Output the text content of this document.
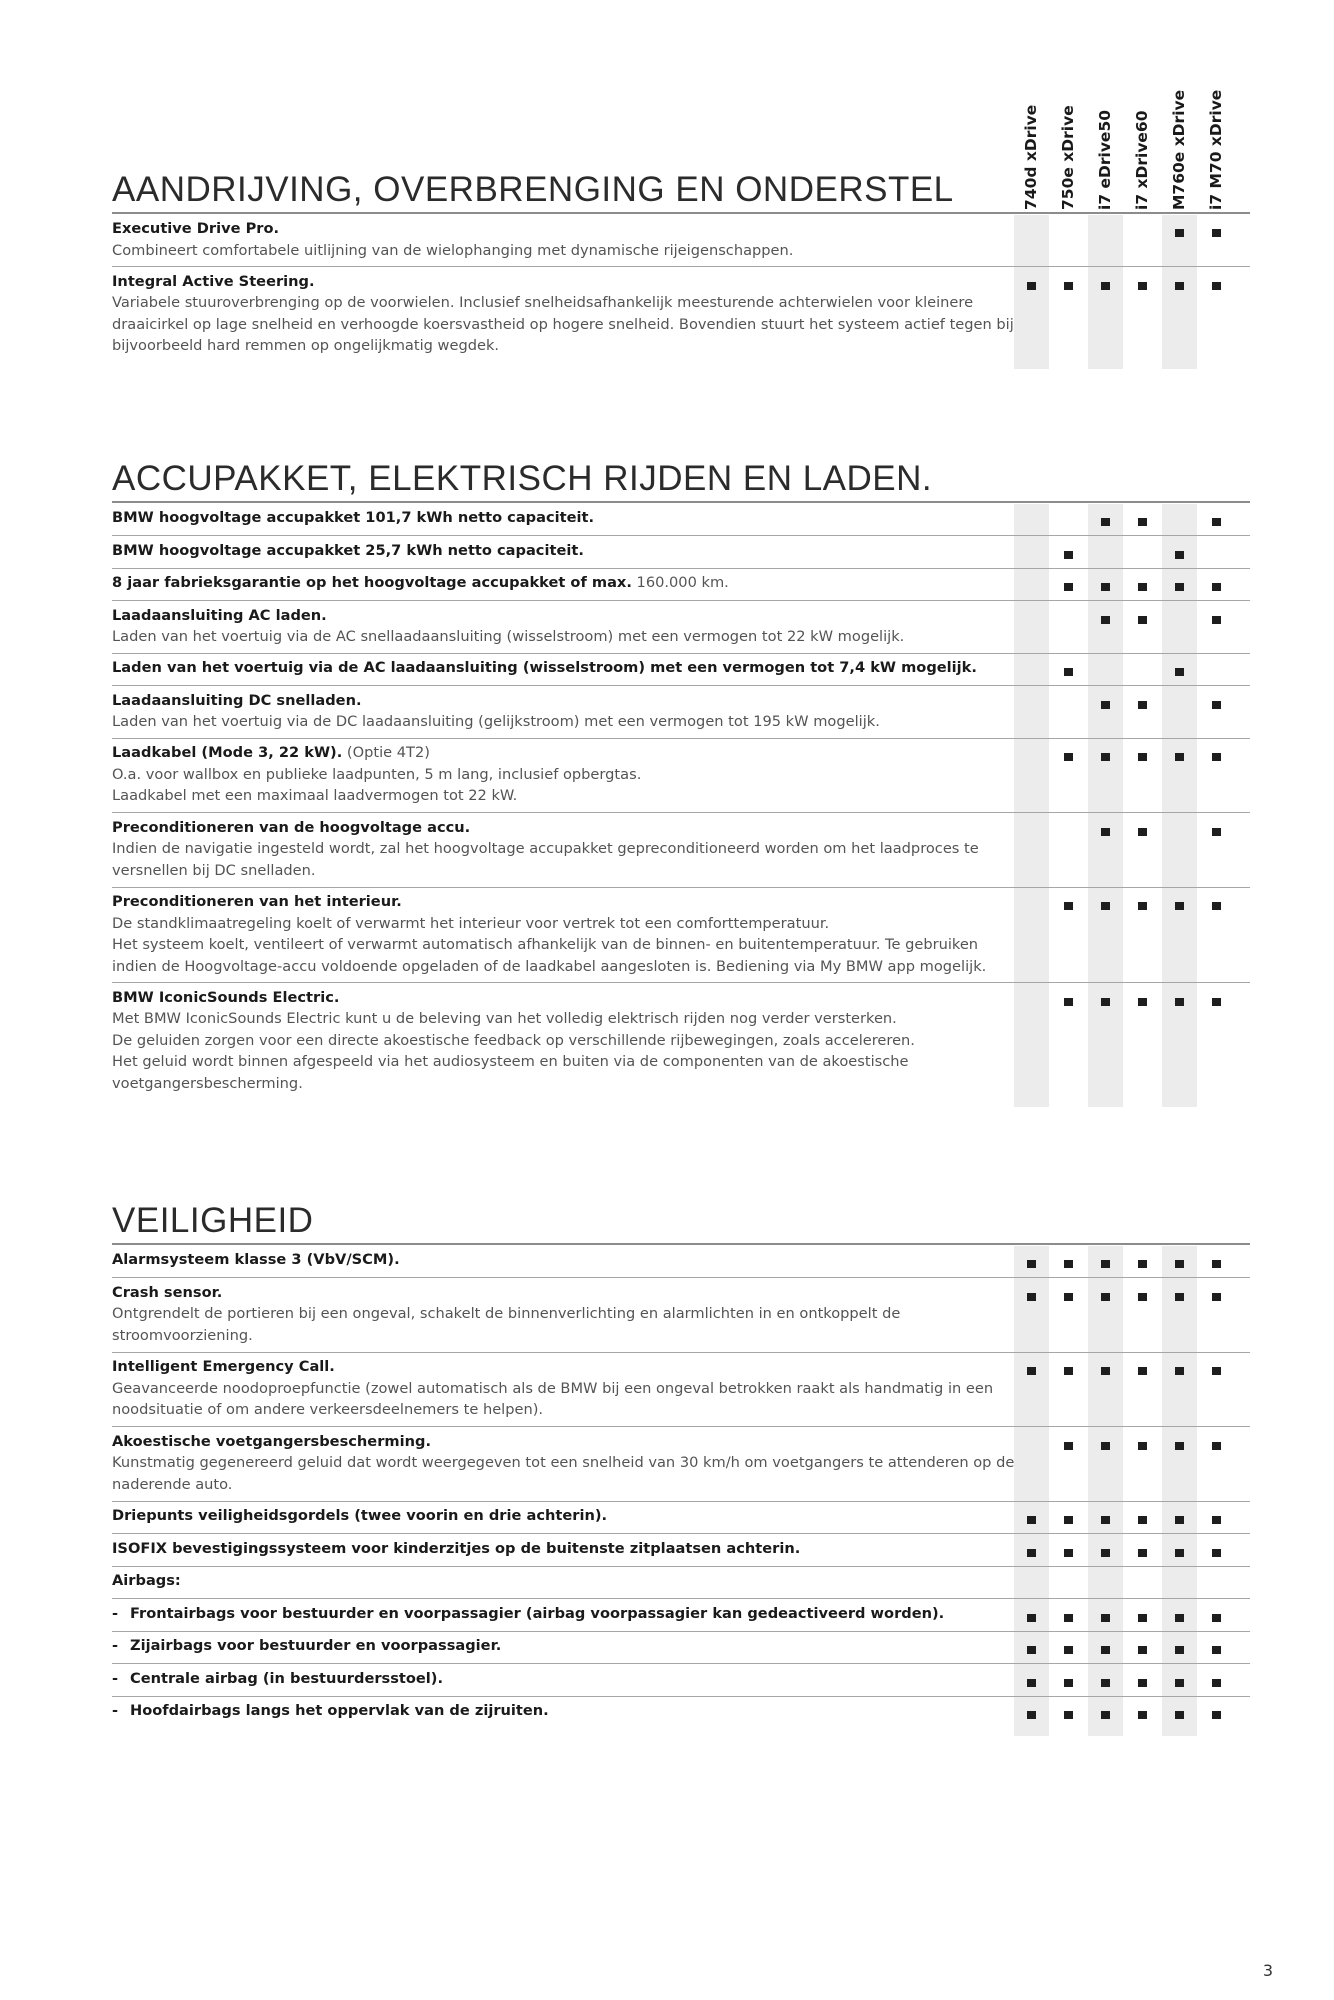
740d xDrive 750e xDrive i7 eDrive50 i7 xDrive60 M760e xDrive i7 M70 xDrive
AANDRIJVING, OVERBRENGING EN ONDERSTEL
Executive Drive Pro.
Combineert comfortabele uitlijning van de wielophanging met dynamische rijeigenschappen.
Integral Active Steering.
Variabele stuuroverbrenging op de voorwielen. Inclusief snelheidsafhankelijk meesturende achterwielen voor kleinere draaicirkel op lage snelheid en verhoogde koersvastheid op hogere snelheid. Bovendien stuurt het systeem actief tegen bij bijvoorbeeld hard remmen op ongelijkmatig wegdek.
ACCUPAKKET, ELEKTRISCH RIJDEN EN LADEN.
BMW hoogvoltage accupakket 101,7 kWh netto capaciteit.
BMW hoogvoltage accupakket 25,7 kWh netto capaciteit.
8 jaar fabrieksgarantie op het hoogvoltage accupakket of max. 160.000 km.
Laadaansluiting AC laden.
Laden van het voertuig via de AC snellaadaansluiting (wisselstroom) met een vermogen tot 22 kW mogelijk.
Laden van het voertuig via de AC laadaansluiting (wisselstroom) met een vermogen tot 7,4 kW mogelijk.
Laadaansluiting DC snelladen.
Laden van het voertuig via de DC laadaansluiting (gelijkstroom) met een vermogen tot 195 kW mogelijk.
Laadkabel (Mode 3, 22 kW). (Optie 4T2)
O.a. voor wallbox en publieke laadpunten, 5 m lang, inclusief opbergtas.
Laadkabel met een maximaal laadvermogen tot 22 kW.
Preconditioneren van de hoogvoltage accu.
Indien de navigatie ingesteld wordt, zal het hoogvoltage accupakket gepreconditioneerd worden om het laadproces te versnellen bij DC snelladen.
Preconditioneren van het interieur.
De standklimaatregeling koelt of verwarmt het interieur voor vertrek tot een comforttemperatuur.
Het systeem koelt, ventileert of verwarmt automatisch afhankelijk van de binnen- en buitentemperatuur. Te gebruiken indien de Hoogvoltage-accu voldoende opgeladen of de laadkabel aangesloten is. Bediening via My BMW app mogelijk.
BMW IconicSounds Electric.
Met BMW IconicSounds Electric kunt u de beleving van het volledig elektrisch rijden nog verder versterken.
De geluiden zorgen voor een directe akoestische feedback op verschillende rijbewegingen, zoals accelereren.
Het geluid wordt binnen afgespeeld via het audiosysteem en buiten via de componenten van de akoestische voetgangersbescherming.
VEILIGHEID
Alarmsysteem klasse 3 (VbV/SCM).
Crash sensor.
Ontgrendelt de portieren bij een ongeval, schakelt de binnenverlichting en alarmlichten in en ontkoppelt de stroomvoorziening.
Intelligent Emergency Call.
Geavanceerde noodoproepfunctie (zowel automatisch als de BMW bij een ongeval betrokken raakt als handmatig in een noodsituatie of om andere verkeersdeelnemers te helpen).
Akoestische voetgangersbescherming.
Kunstmatig gegenereerd geluid dat wordt weergegeven tot een snelheid van 30 km/h om voetgangers te attenderen op de naderende auto.
Driepunts veiligheidsgordels (twee voorin en drie achterin).
ISOFIX bevestigingssysteem voor kinderzitjes op de buitenste zitplaatsen achterin.
Airbags:
- Frontairbags voor bestuurder en voorpassagier (airbag voorpassagier kan gedeactiveerd worden).
- Zijairbags voor bestuurder en voorpassagier.
- Centrale airbag (in bestuurdersstoel).
- Hoofdairbags langs het oppervlak van de zijruiten.
3
